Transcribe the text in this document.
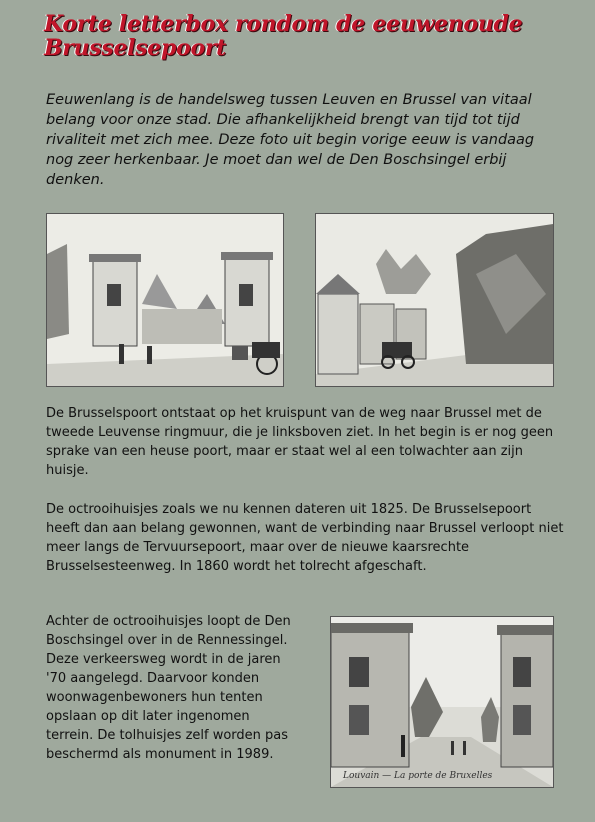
Korte letterbox rondom de eeuwenoude Brusselsepoort
Eeuwenlang is de handelsweg tussen Leuven en Brussel van vitaal belang voor onze stad. Die afhankelijkheid brengt van tijd tot tijd rivaliteit met zich mee. Deze foto uit begin vorige eeuw is vandaag nog zeer herkenbaar. Je moet dan wel de Den Boschsingel erbij denken.
De Brusselspoort ontstaat op het kruispunt van de weg naar Brussel met de tweede Leuvense ringmuur, die je linksboven ziet. In het begin is er nog geen sprake van een heuse poort, maar er staat wel al een tolwachter aan zijn huisje.
De octrooihuisjes zoals we nu kennen dateren uit 1825. De Brusselsepoort heeft dan aan belang gewonnen, want de verbinding naar Brussel verloopt niet meer langs de Tervuursepoort, maar over de nieuwe kaarsrechte Brusselsesteenweg. In 1860 wordt het tolrecht afgeschaft.
Achter de octrooihuisjes loopt de Den Boschsingel over in de Rennessingel. Deze verkeersweg wordt in de jaren '70 aangelegd. Daarvoor konden woonwagenbewoners hun tenten opslaan op dit later ingenomen terrein. De tolhuisjes zelf worden pas beschermd als monument in 1989.
Louvain — La porte de Bruxelles
